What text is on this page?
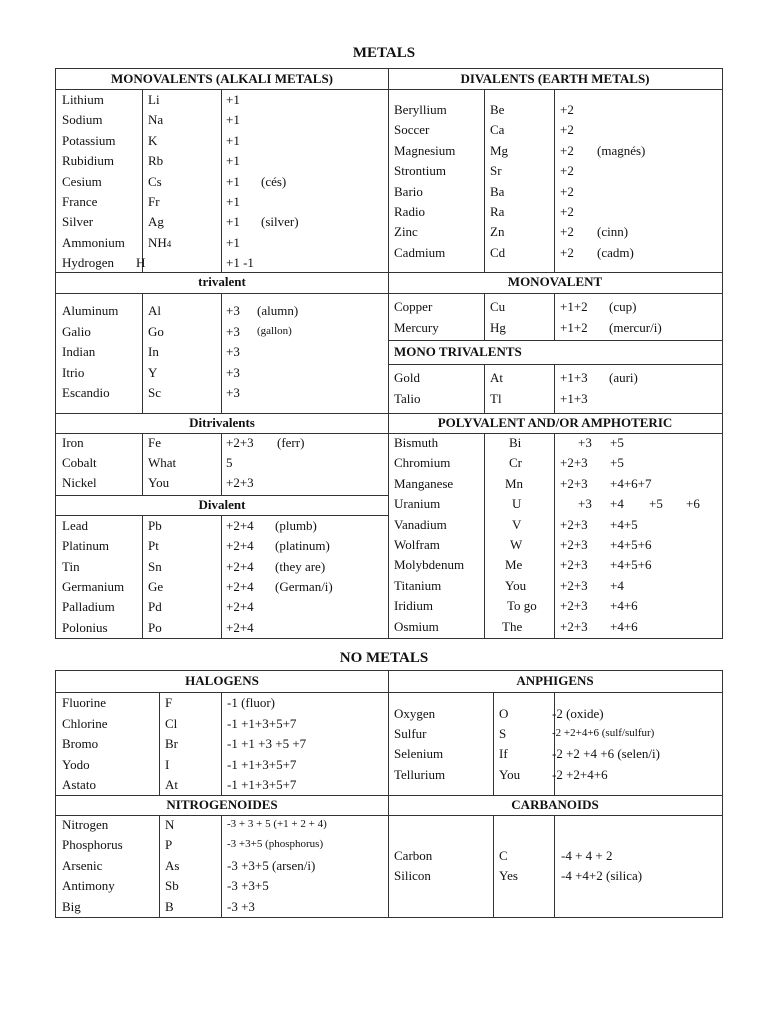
METALS
MONOVALENTS (ALKALI METALS)
Lithium	Li	+1
Sodium	Na	+1
Potassium	K	+1
Rubidium	Rb	+1
Cesium	Cs	+1 (cés)
France	Fr	+1
Silver	Ag	+1 (silver)
Ammonium NH4	+1
Hydrogen H	+1 -1
trivalent
Aluminum Al	+3 (alumn)
Galio	Go	+3 (gallon)
Indian	In	+3
Itrio	Y	+3
Escandio	Sc	+3
Ditrivalents
Iron	Fe	+2+3 (ferr)
Cobalt	What	5
Nickel	You	+2+3
Divalent
Lead	Pb	+2+4 (plumb)
Platinum	Pt	+2+4 (platinum)
Tin	Sn	+2+4 (they are)
Germanium Ge	+2+4 (German/i)
Palladium	Pd	+2+4
Polonius	Po	+2+4
DIVALENTS (EARTH METALS)
Beryllium	Be	+2
Soccer	Ca	+2
Magnesium	Mg	+2 (magnés)
Strontium	Sr	+2
Bario	Ba	+2
Radio	Ra	+2
Zinc	Zn	+2 (cinn)
Cadmium	Cd	+2 (cadm)
MONOVALENT
Copper	Cu	+1+2 (cup)
Mercury	Hg	+1+2 (mercur/i)
MONO TRIVALENTS
Gold	At	+1+3 (auri)
Talio	Tl	+1+3
POLYVALENT AND/OR AMPHOTERIC
Bismuth	Bi	+3 +5
Chromium	Cr	+2+3 +5
Manganese	Mn	+2+3 +4+6+7
Uranium	U	+3 +4 +5 +6
Vanadium	V	+2+3 +4+5
Wolfram	W	+2+3 +4+5+6
Molybdenum	Me	+2+3 +4+5+6
Titanium	You	+2+3 +4
Iridium	To go +2+3 +4+6
Osmium	The	+2+3 +4+6
NO METALS
HALOGENS
Fluorine	F	-1 (fluor)
Chlorine	Cl	-1 +1+3+5+7
Bromo	Br	-1 +1 +3 +5 +7
Yodo	I	-1 +1+3+5+7
Astato	At	-1 +1+3+5+7
ANPHIGENS
Oxygen	O	-2 (oxide)
Sulfur	S	-2 +2+4+6 (sulf/sulfur)
Selenium	If	-2 +2 +4 +6 (selen/i)
Tellurium	You -2 +2+4+6
NITROGENOIDES	CARBANOIDS
Nitrogen	N	-3 + 3 + 5 (+1 + 2 + 4)
Phosphorus	P	-3 +3+5 (phosphorus)
Arsenic	As	-3 +3+5 (arsen/i)
Antimony	Sb	-3 +3+5
Big	B	-3 +3
Carbon	C	-4 + 4 + 2
Silicon	Yes	-4 +4+2 (silica)
